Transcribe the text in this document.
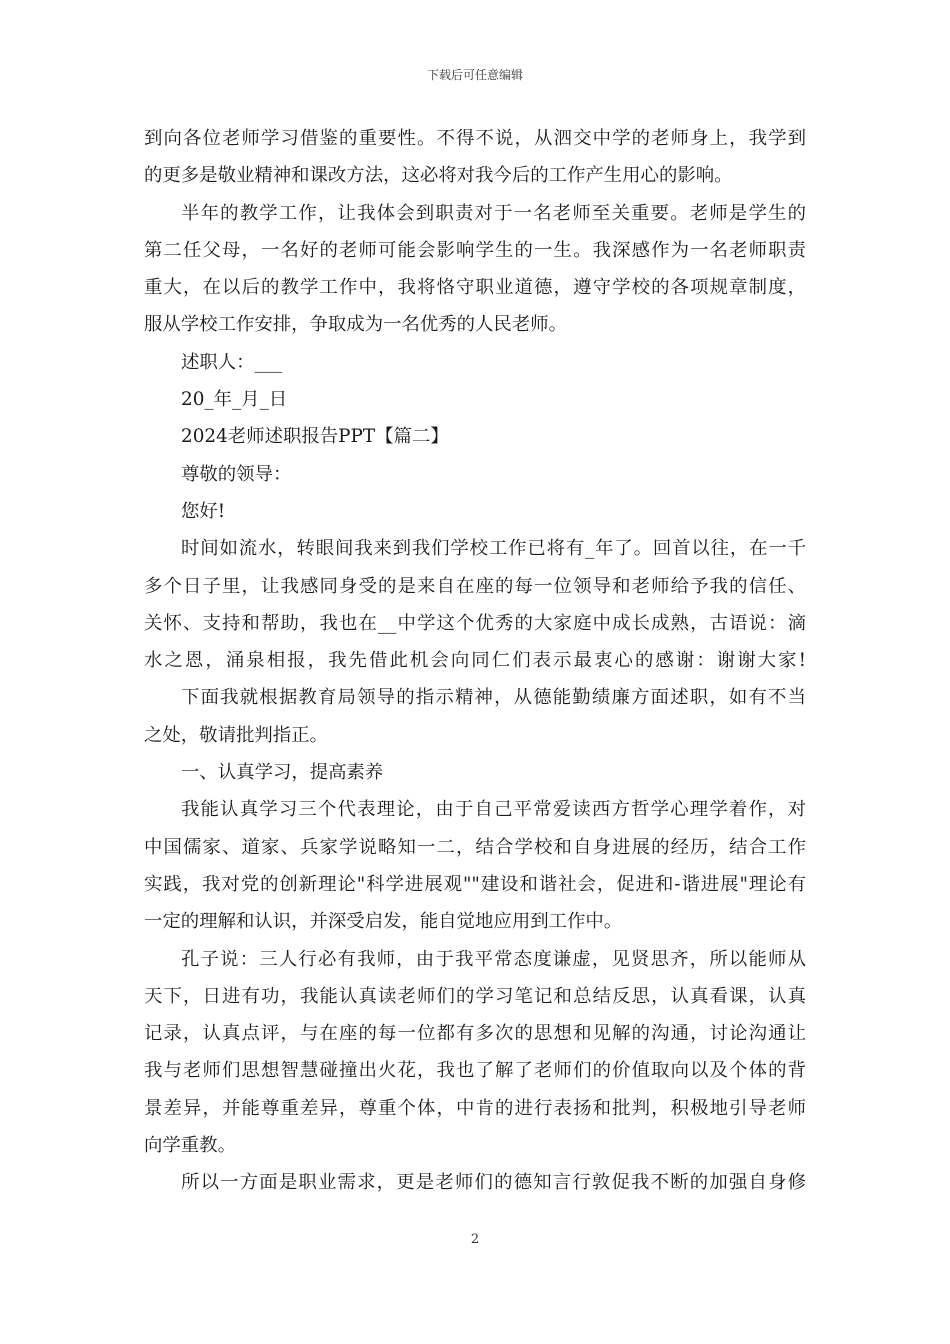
下载后可任意编辑
到向各位老师学习借鉴的重要性。不得不说，从泗交中学的老师身上，我学到
的更多是敬业精神和课改方法，这必将对我今后的工作产生用心的影响。
半年的教学工作，让我体会到职责对于一名老师至关重要。老师是学生的
第二任父母，一名好的老师可能会影响学生的一生。我深感作为一名老师职责
重大，在以后的教学工作中，我将恪守职业道德，遵守学校的各项规章制度，
服从学校工作安排，争取成为一名优秀的人民老师。
述职人：___
20_年_月_日
2024老师述职报告PPT【篇二】
尊敬的领导：
您好!
时间如流水，转眼间我来到我们学校工作已将有_年了。回首以往，在一千
多个日子里，让我感同身受的是来自在座的每一位领导和老师给予我的信任、
关怀、支持和帮助，我也在__中学这个优秀的大家庭中成长成熟，古语说：滴
水之恩，涌泉相报，我先借此机会向同仁们表示最衷心的感谢：谢谢大家!
下面我就根据教育局领导的指示精神，从德能勤绩廉方面述职，如有不当
之处，敬请批判指正。
一、认真学习，提高素养
我能认真学习三个代表理论，由于自己平常爱读西方哲学心理学着作，对
中国儒家、道家、兵家学说略知一二，结合学校和自身进展的经历，结合工作
实践，我对党的创新理论"科学进展观""建设和谐社会，促进和-谐进展"理论有
一定的理解和认识，并深受启发，能自觉地应用到工作中。
孔子说：三人行必有我师，由于我平常态度谦虚，见贤思齐，所以能师从
天下，日进有功，我能认真读老师们的学习笔记和总结反思，认真看课，认真
记录，认真点评，与在座的每一位都有多次的思想和见解的沟通，讨论沟通让
我与老师们思想智慧碰撞出火花，我也了解了老师们的价值取向以及个体的背
景差异，并能尊重差异，尊重个体，中肯的进行表扬和批判，积极地引导老师
向学重教。
所以一方面是职业需求，更是老师们的德知言行敦促我不断的加强自身修
2
